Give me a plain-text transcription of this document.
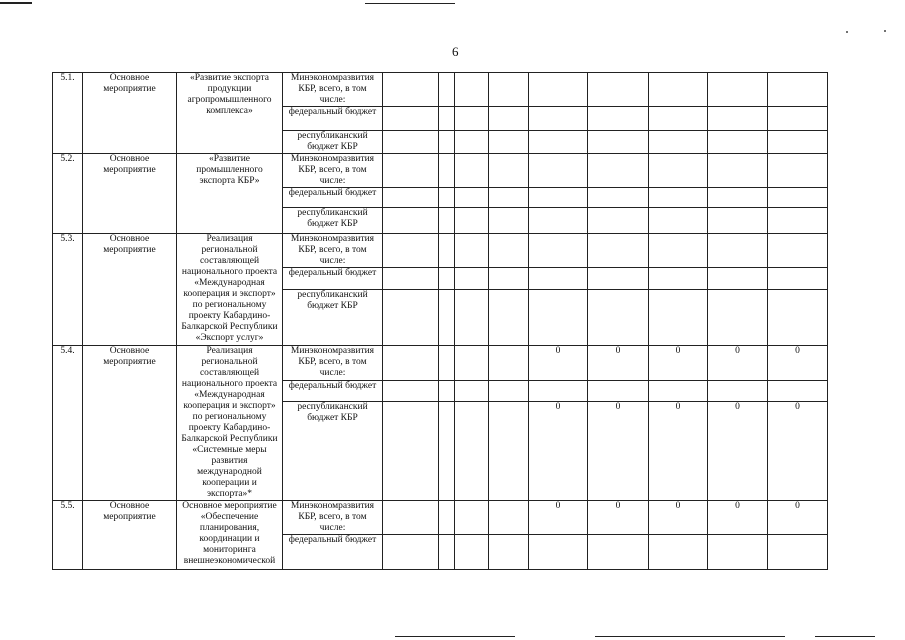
6
5.1.	Основное мероприятие	«Развитие экспорта продукции агропромышленного комплекса»	Минэкономразвития КБР, всего, в том числе:									
			федеральный бюджет									
			республиканский бюджет КБР									
5.2.	Основное мероприятие	«Развитие промышленного экспорта КБР»	Минэкономразвития КБР, всего, в том числе:									
			федеральный бюджет									
			республиканский бюджет КБР									
5.3.	Основное мероприятие	Реализация региональной составляющей национального проекта «Международная кооперация и экспорт» по региональному проекту Кабардино-Балкарской Республики «Экспорт услуг»	Минэкономразвития КБР, всего, в том числе:									
			федеральный бюджет									
			республиканский бюджет КБР									
5.4.	Основное мероприятие	Реализация региональной составляющей национального проекта «Международная кооперация и экспорт» по региональному проекту Кабардино-Балкарской Республики «Системные меры развития международной кооперации и экспорта»*	Минэкономразвития КБР, всего, в том числе:					0	0	0	0	0
			федеральный бюджет									
			республиканский бюджет КБР					0	0	0	0	0
5.5.	Основное мероприятие	Основное мероприятие «Обеспечение планирования, координации и мониторинга внешнеэкономической	Минэкономразвития КБР, всего, в том числе:					0	0	0	0	0
			федеральный бюджет									
